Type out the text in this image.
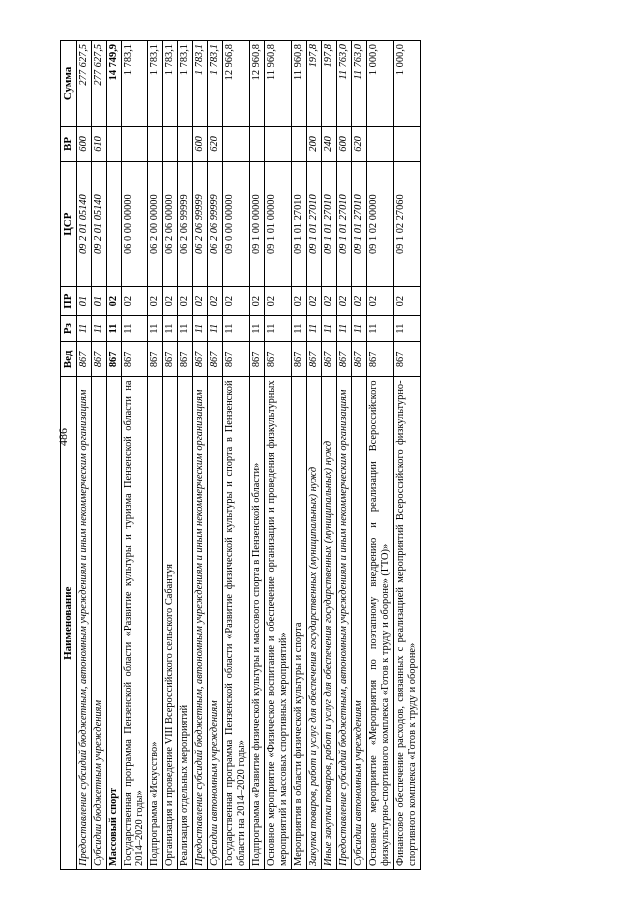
486
Наименование	Вед	Рз	ПР	ЦСР	ВР	Сумма
Предоставление субсидий бюджетным, автономным учреждениям и иным некоммерческим организациям	867	11	01	09 2 01 05140	600	277 627,5
Субсидии бюджетным учреждениям	867	11	01	09 2 01 05140	610	277 627,5
Массовый спорт	867	11	02			14 749,9
Государственная программа Пензенской области «Развитие культуры и туризма Пензенской области на 2014–2020 годы»	867	11	02	06 0 00 00000		1 783,1
Подпрограмма «Искусство»	867	11	02	06 2 00 00000		1 783,1
Организация и проведение VIII Всероссийского сельского Сабантуя	867	11	02	06 2 06 00000		1 783,1
Реализация отдельных мероприятий	867	11	02	06 2 06 99999		1 783,1
Предоставление субсидий бюджетным, автономным учреждениям и иным некоммерческим организациям	867	11	02	06 2 06 99999	600	1 783,1
Субсидии автономным учреждениям	867	11	02	06 2 06 99999	620	1 783,1
Государственная программа Пензенской области «Развитие физической культуры и спорта в Пензенской области на 2014–2020 годы»	867	11	02	09 0 00 00000		12 966,8
Подпрограмма «Развитие физической культуры и массового спорта в Пензенской области»	867	11	02	09 1 00 00000		12 960,8
Основное мероприятие «Физическое воспитание и обеспечение организации и проведения физкультурных мероприятий и массовых спортивных мероприятий»	867	11	02	09 1 01 00000		11 960,8
Мероприятия в области физической культуры и спорта	867	11	02	09 1 01 27010		11 960,8
Закупка товаров, работ и услуг для обеспечения государственных (муниципальных) нужд	867	11	02	09 1 01 27010	200	197,8
Иные закупки товаров, работ и услуг для обеспечения государственных (муниципальных) нужд	867	11	02	09 1 01 27010	240	197,8
Предоставление субсидий бюджетным, автономным учреждениям и иным некоммерческим организациям	867	11	02	09 1 01 27010	600	11 763,0
Субсидии автономным учреждениям	867	11	02	09 1 01 27010	620	11 763,0
Основное мероприятие «Мероприятия по поэтапному внедрению и реализации Всероссийского физкультурно-спортивного комплекса «Готов к труду и обороне» (ГТО)»	867	11	02	09 1 02 00000		1 000,0
Финансовое обеспечение расходов, связанных с реализацией мероприятий Всероссийского физкультурно-спортивного комплекса «Готов к труду и обороне»	867	11	02	09 1 02 27060		1 000,0
